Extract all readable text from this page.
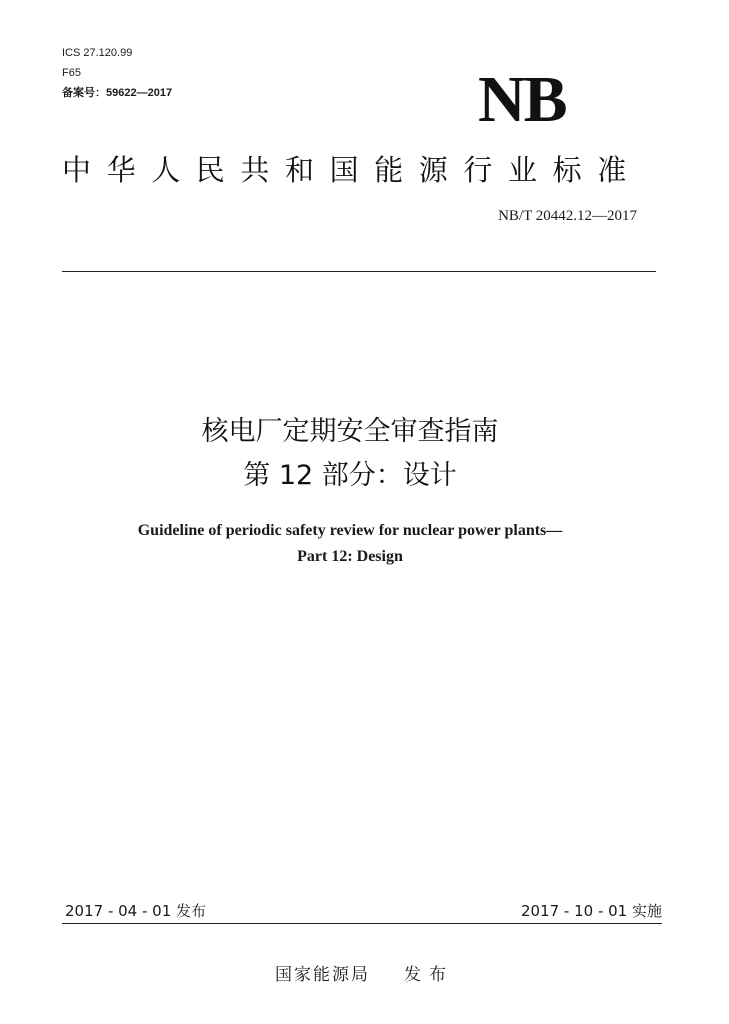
ICS 27.120.99
F65
备案号：59622—2017	NB
中华人民共和国能源行业标准
NB/T 20442.12—2017
核电厂定期安全审查指南
第 12 部分：设计
Guideline of periodic safety review for nuclear power plants—
Part 12: Design
2017 - 04 - 01 发布	2017 - 10 - 01 实施
国家能源局 发布
